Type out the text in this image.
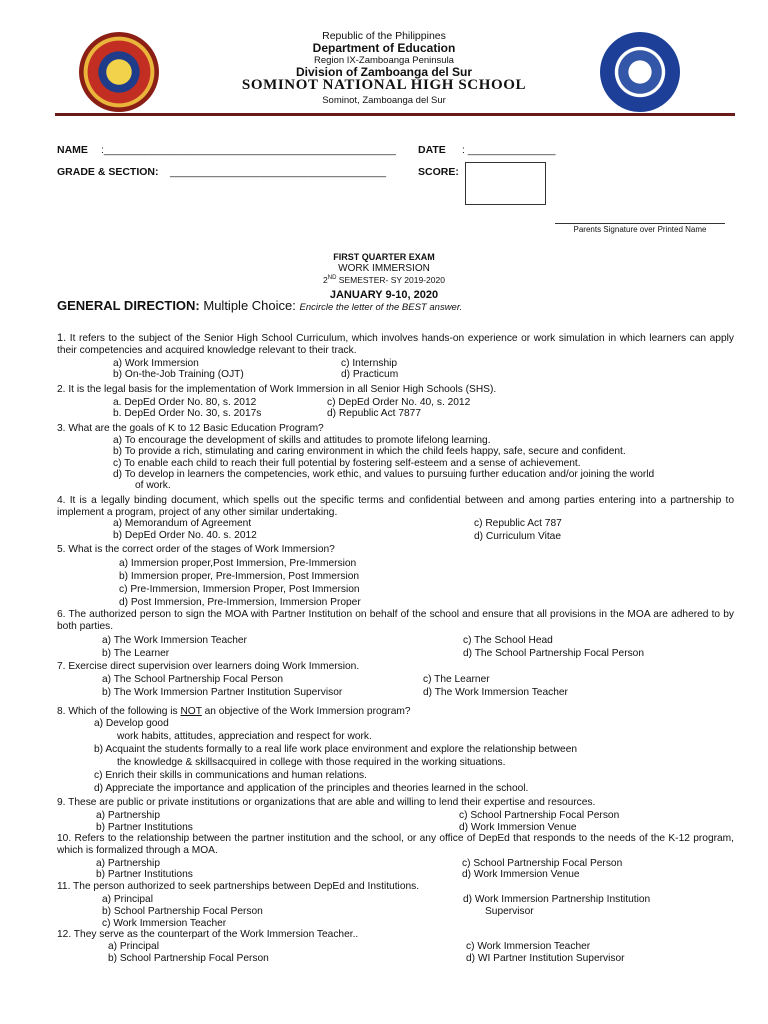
Republic of the Philippines
Department of Education
Region IX-Zamboanga Peninsula
Division of Zamboanga del Sur
SOMINOT NATIONAL HIGH SCHOOL
Sominot, Zamboanga del Sur
NAME :__________________________________________________ DATE : _______________
GRADE & SECTION: _____________________________________	SCORE:
Parents Signature over Printed Name
FIRST QUARTER EXAM
WORK IMMERSION
2ND SEMESTER- SY 2019-2020
JANUARY 9-10, 2020
GENERAL DIRECTION: Multiple Choice: Encircle the letter of the BEST answer.
1. It refers to the subject of the Senior High School Curriculum, which involves hands-on experience or work simulation in which learners can apply their competencies and acquired knowledge relevant to their track.
a) Work Immersion	c) Internship
b) On-the-Job Training (OJT)	d) Practicum
2. It is the legal basis for the implementation of Work Immersion in all Senior High Schools (SHS).
a. DepEd Order No. 80, s. 2012	c) DepEd Order No. 40, s. 2012
b. DepEd Order No. 30, s. 2017s	d) Republic Act 7877
3. What are the goals of K to 12 Basic Education Program?
a) To encourage the development of skills and attitudes to promote lifelong learning.
b) To provide a rich, stimulating and caring environment in which the child feels happy, safe, secure and confident.
c) To enable each child to reach their full potential by fostering self-esteem and a sense of achievement.
d) To develop in learners the competencies, work ethic, and values to pursuing further education and/or joining the world
of work.
4. It is a legally binding document, which spells out the specific terms and confidential between and among parties entering into a partnership to implement a program, project of any other similar undertaking.
a) Memorandum of Agreement	c) Republic Act 787
b) DepEd Order No. 40. s. 2012	d) Curriculum Vitae
5. What is the correct order of the stages of Work Immersion?
a) Immersion proper,Post Immersion, Pre-Immersion
b) Immersion proper, Pre-Immersion, Post Immersion
c) Pre-Immersion, Immersion Proper, Post Immersion
d) Post Immersion, Pre-Immersion, Immersion Proper
6. The authorized person to sign the MOA with Partner Institution on behalf of the school and ensure that all provisions in the MOA are adhered to by both parties.
a) The Work Immersion Teacher	c) The School Head
b) The Learner	d) The School Partnership Focal Person
7. Exercise direct supervision over learners doing Work Immersion.
a) The School Partnership Focal Person	c) The Learner
b) The Work Immersion Partner Institution Supervisor	d) The Work Immersion Teacher
8. Which of the following is NOT an objective of the Work Immersion program?
a) Develop good
work habits, attitudes, appreciation and respect for work.
b) Acquaint the students formally to a real life work place environment and explore the relationship between
the knowledge & skillsacquired in college with those required in the working situations.
c) Enrich their skills in communications and human relations.
d) Appreciate the importance and application of the principles and theories learned in the school.
9. These are public or private institutions or organizations that are able and willing to lend their expertise and resources.
a) Partnership	c) School Partnership Focal Person
b) Partner Institutions	d) Work Immersion Venue
10. Refers to the relationship between the partner institution and the school, or any office of DepEd that responds to the needs of the K-12 program, which is formalized through a MOA.
a) Partnership	c) School Partnership Focal Person
b) Partner Institutions	d) Work Immersion Venue
11. The person authorized to seek partnerships between DepEd and Institutions.
a) Principal	d) Work Immersion Partnership Institution
b) School Partnership Focal Person	Supervisor
c) Work Immersion Teacher
12. They serve as the counterpart of the Work Immersion Teacher..
a) Principal	c) Work Immersion Teacher
b) School Partnership Focal Person	d) WI Partner Institution Supervisor
